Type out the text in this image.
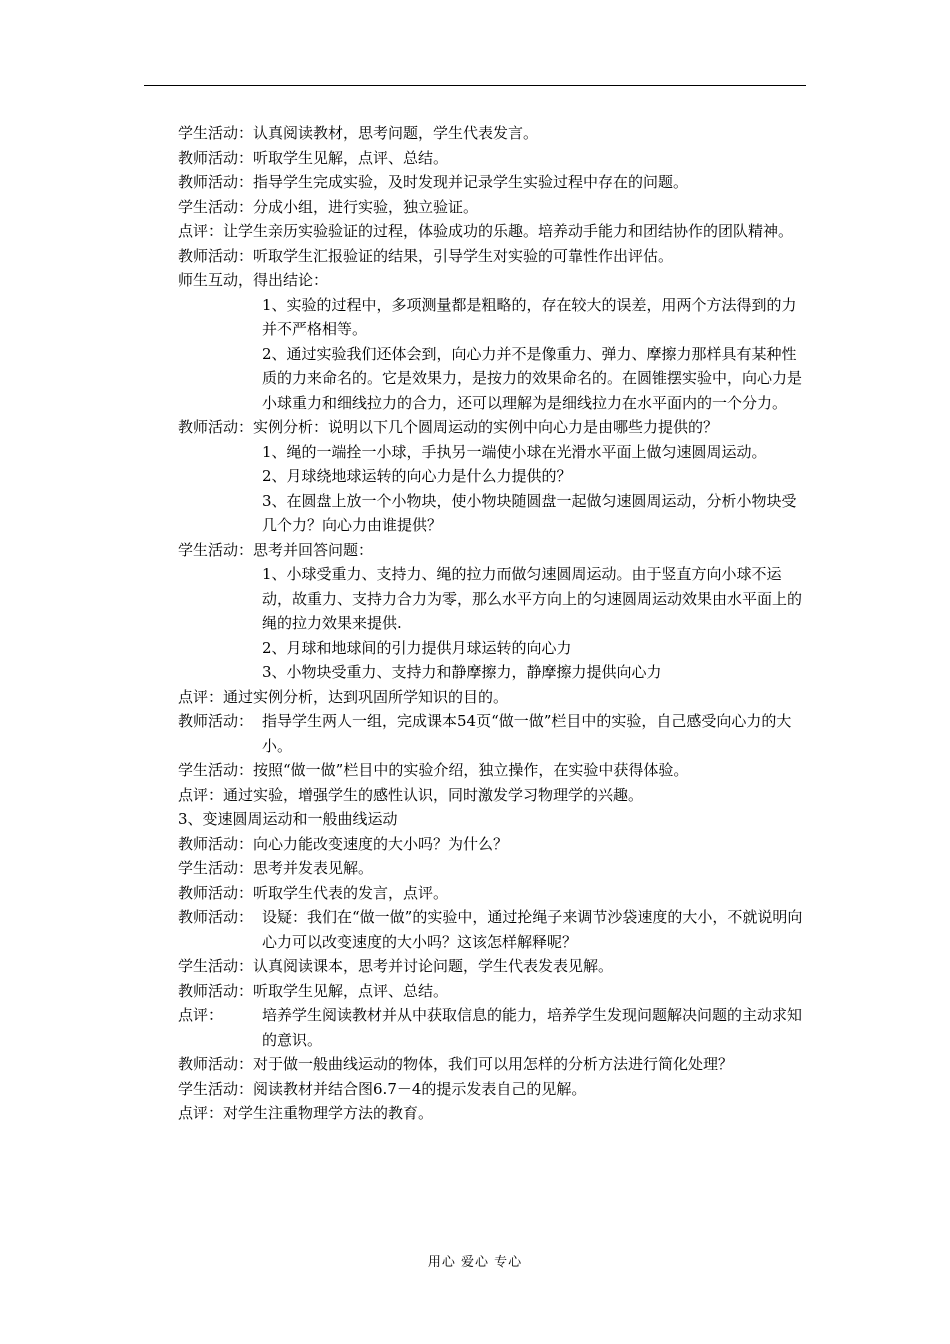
学生活动：认真阅读教材，思考问题，学生代表发言。
教师活动：听取学生见解，点评、总结。
教师活动：指导学生完成实验，及时发现并记录学生实验过程中存在的问题。
学生活动：分成小组，进行实验，独立验证。
点评：让学生亲历实验验证的过程，体验成功的乐趣。培养动手能力和团结协作的团队精神。
教师活动：听取学生汇报验证的结果，引导学生对实验的可靠性作出评估。
师生互动，得出结论：
1、实验的过程中，多项测量都是粗略的，存在较大的误差，用两个方法得到的力并不严格相等。
2、通过实验我们还体会到，向心力并不是像重力、弹力、摩擦力那样具有某种性质的力来命名的。它是效果力，是按力的效果命名的。在圆锥摆实验中，向心力是小球重力和细线拉力的合力，还可以理解为是细线拉力在水平面内的一个分力。
教师活动：实例分析：说明以下几个圆周运动的实例中向心力是由哪些力提供的？
1、绳的一端拴一小球，手执另一端使小球在光滑水平面上做匀速圆周运动。
2、月球绕地球运转的向心力是什么力提供的？
3、在圆盘上放一个小物块，使小物块随圆盘一起做匀速圆周运动，分析小物块受几个力？向心力由谁提供？
学生活动：思考并回答问题：
1、小球受重力、支持力、绳的拉力而做匀速圆周运动。由于竖直方向小球不运动，故重力、支持力合力为零，那么水平方向上的匀速圆周运动效果由水平面上的绳的拉力效果来提供.
2、月球和地球间的引力提供月球运转的向心力
3、小物块受重力、支持力和静摩擦力，静摩擦力提供向心力
点评：通过实例分析，达到巩固所学知识的目的。
教师活动： 指导学生两人一组，完成课本54页“做一做”栏目中的实验，自己感受向心力的大小。
学生活动：按照“做一做”栏目中的实验介绍，独立操作，在实验中获得体验。
点评：通过实验，增强学生的感性认识，同时激发学习物理学的兴趣。
3、变速圆周运动和一般曲线运动
教师活动：向心力能改变速度的大小吗？为什么？
学生活动：思考并发表见解。
教师活动：听取学生代表的发言，点评。
教师活动： 设疑：我们在“做一做”的实验中，通过抡绳子来调节沙袋速度的大小，不就说明向心力可以改变速度的大小吗？这该怎样解释呢？
学生活动：认真阅读课本，思考并讨论问题，学生代表发表见解。
教师活动：听取学生见解，点评、总结。
点评：	培养学生阅读教材并从中获取信息的能力，培养学生发现问题解决问题的主动求知的意识。
教师活动：对于做一般曲线运动的物体，我们可以用怎样的分析方法进行简化处理？
学生活动：阅读教材并结合图6.7－4的提示发表自己的见解。
点评：对学生注重物理学方法的教育。
用心 爱心 专心
